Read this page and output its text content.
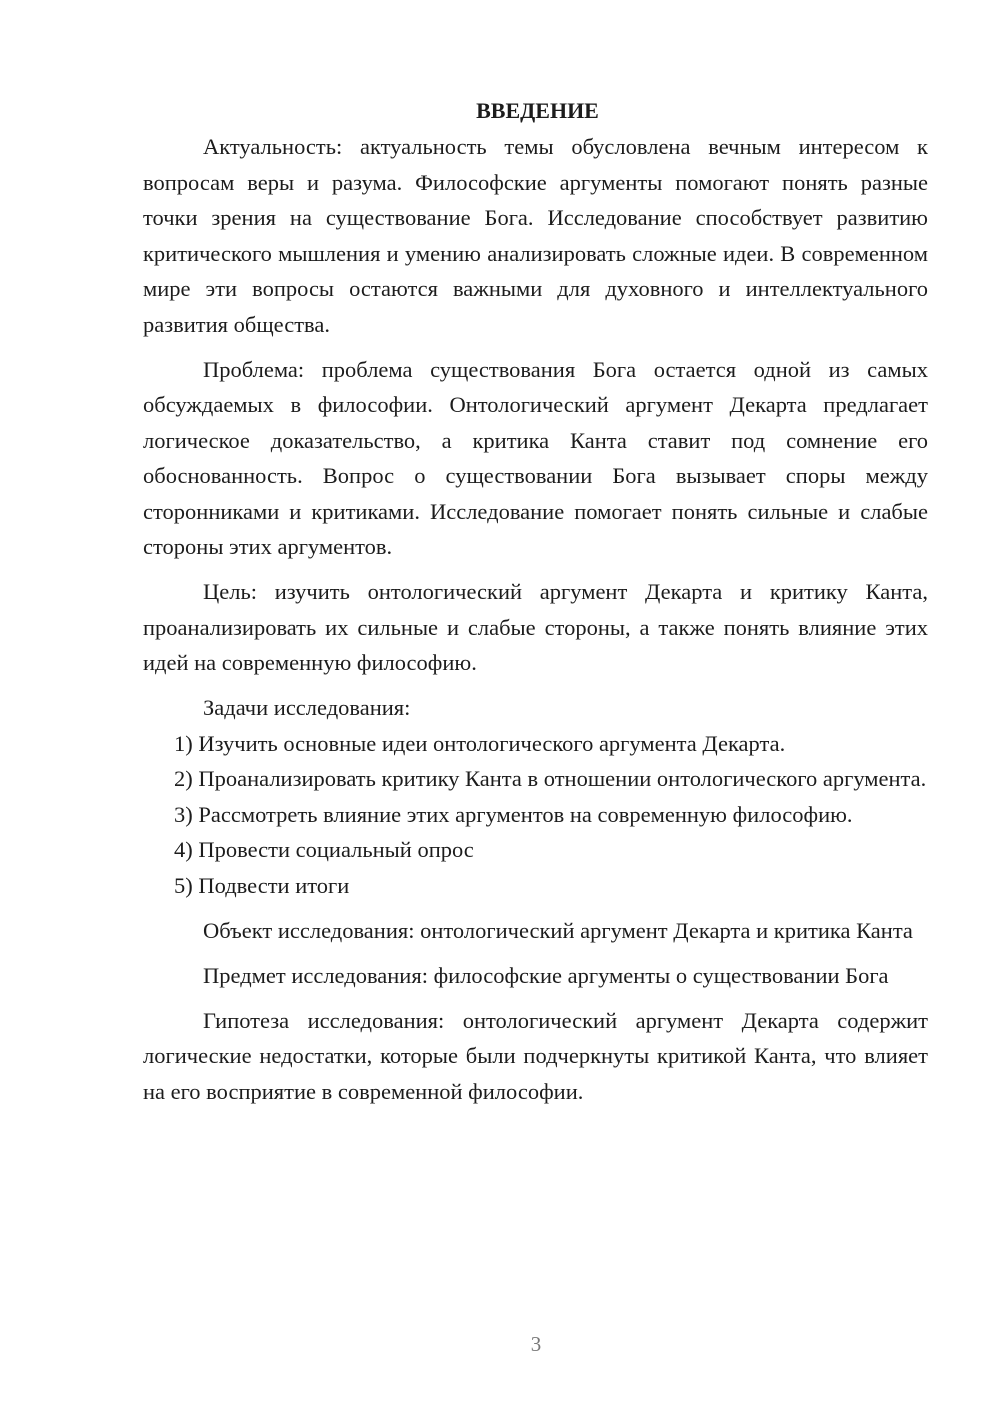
ВВЕДЕНИЕ

Актуальность: актуальность темы обусловлена вечным интересом к вопросам веры и разума. Философские аргументы помогают понять разные точки зрения на существование Бога. Исследование способствует развитию критического мышления и умению анализировать сложные идеи. В современном мире эти вопросы остаются важными для духовного и интеллектуального развития общества.

Проблема: проблема существования Бога остается одной из самых обсуждаемых в философии. Онтологический аргумент Декарта предлагает логическое доказательство, а критика Канта ставит под сомнение его обоснованность. Вопрос о существовании Бога вызывает споры между сторонниками и критиками. Исследование помогает понять сильные и слабые стороны этих аргументов.

Цель: изучить онтологический аргумент Декарта и критику Канта, проанализировать их сильные и слабые стороны, а также понять влияние этих идей на современную философию.

Задачи исследования:

1) Изучить основные идеи онтологического аргумента Декарта.

2) Проанализировать критику Канта в отношении онтологического аргумента.

3) Рассмотреть влияние этих аргументов на современную философию.

4) Провести социальный опрос

5) Подвести итоги

Объект исследования: онтологический аргумент Декарта и критика Канта

Предмет исследования: философские аргументы о существовании Бога

Гипотеза исследования: онтологический аргумент Декарта содержит логические недостатки, которые были подчеркнуты критикой Канта, что влияет на его восприятие в современной философии.

3
